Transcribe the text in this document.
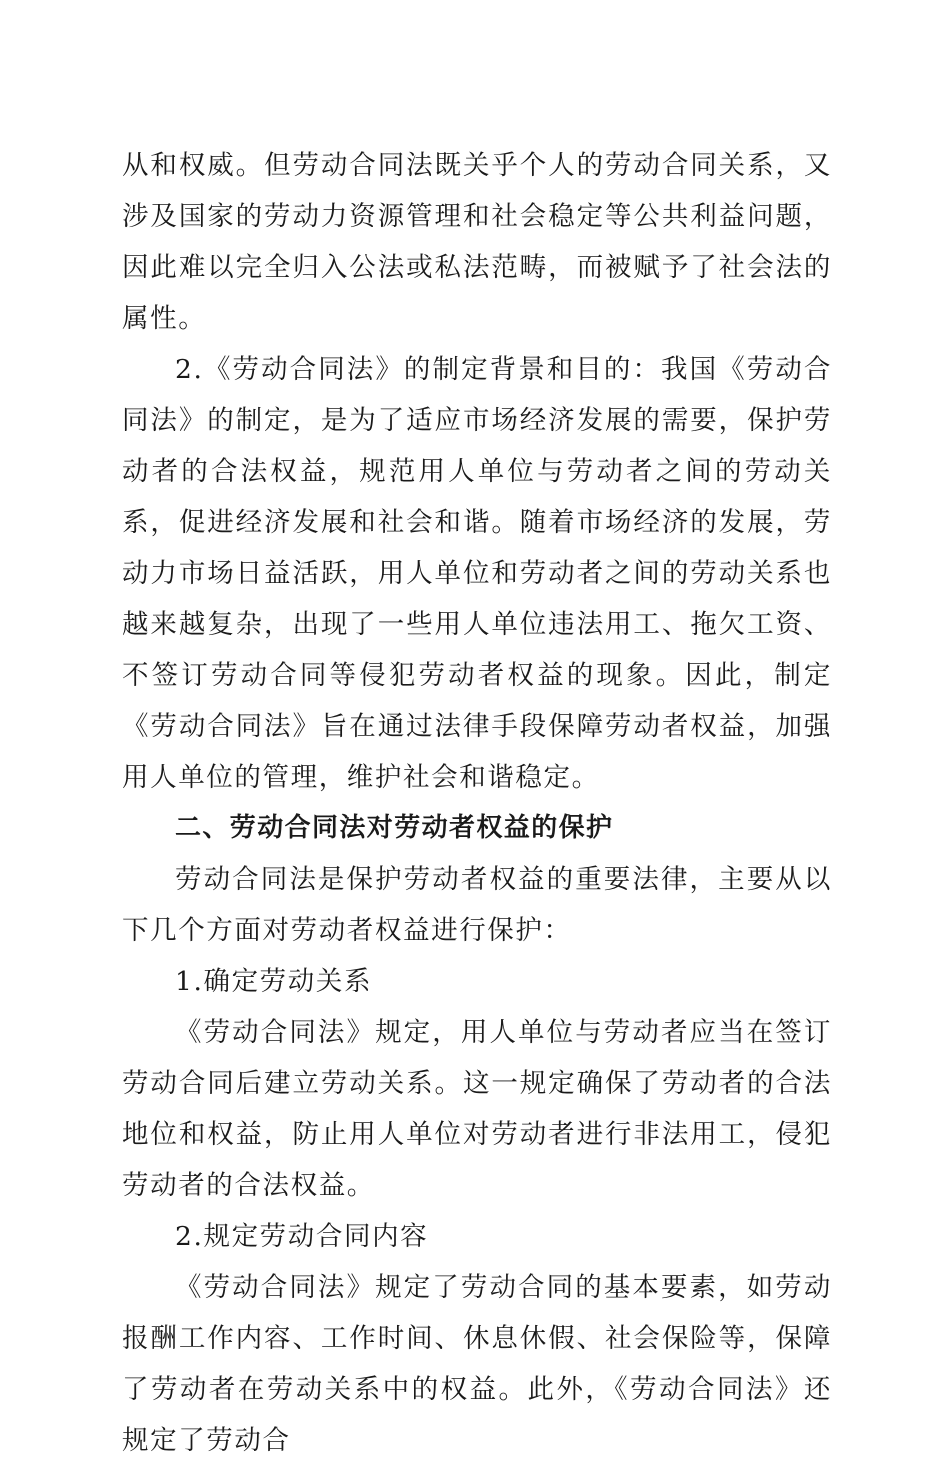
从和权威。但劳动合同法既关乎个人的劳动合同关系，又涉及国家的劳动力资源管理和社会稳定等公共利益问题，因此难以完全归入公法或私法范畴，而被赋予了社会法的属性。

2.《劳动合同法》的制定背景和目的：我国《劳动合同法》的制定，是为了适应市场经济发展的需要，保护劳动者的合法权益，规范用人单位与劳动者之间的劳动关系，促进经济发展和社会和谐。随着市场经济的发展，劳动力市场日益活跃，用人单位和劳动者之间的劳动关系也越来越复杂，出现了一些用人单位违法用工、拖欠工资、不签订劳动合同等侵犯劳动者权益的现象。因此，制定《劳动合同法》旨在通过法律手段保障劳动者权益，加强用人单位的管理，维护社会和谐稳定。

二、劳动合同法对劳动者权益的保护

劳动合同法是保护劳动者权益的重要法律，主要从以下几个方面对劳动者权益进行保护：

1.确定劳动关系

《劳动合同法》规定，用人单位与劳动者应当在签订劳动合同后建立劳动关系。这一规定确保了劳动者的合法地位和权益，防止用人单位对劳动者进行非法用工，侵犯劳动者的合法权益。

2.规定劳动合同内容

《劳动合同法》规定了劳动合同的基本要素，如劳动报酬工作内容、工作时间、休息休假、社会保险等，保障了劳动者在劳动关系中的权益。此外，《劳动合同法》还规定了劳动合
